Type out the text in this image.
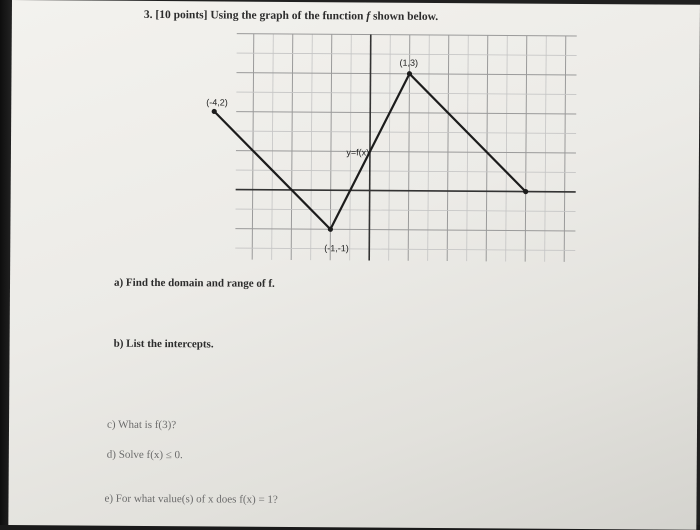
3. [10 points] Using the graph of the function f shown below.
(-4,2)
(-1,-1)
(1,3)
y=f(x)
a) Find the domain and range of f.
b) List the intercepts.
c) What is f(3)?
d) Solve f(x) ≤ 0.
e) For what value(s) of x does f(x) = 1?
